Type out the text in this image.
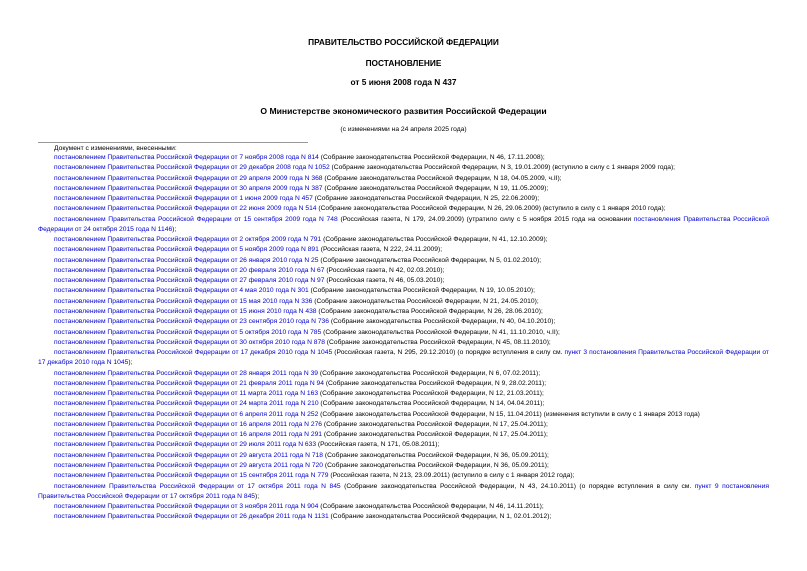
ПРАВИТЕЛЬСТВО РОССИЙСКОЙ ФЕДЕРАЦИИ

ПОСТАНОВЛЕНИЕ

от 5 июня 2008 года N 437

О Министерстве экономического развития Российской Федерации

(с изменениями на 24 апреля 2025 года)
Документ с изменениями, внесенными:
постановлением Правительства Российской Федерации от 7 ноября 2008 года N 814 (Собрание законодательства Российской Федерации, N 46, 17.11.2008);
постановлением Правительства Российской Федерации от 29 декабря 2008 года N 1052 (Собрание законодательства Российской Федерации, N 3, 19.01.2009) (вступило в силу с 1 января 2009 года);
постановлением Правительства Российской Федерации от 29 апреля 2009 года N 368 (Собрание законодательства Российской Федерации, N 18, 04.05.2009, ч.II);
постановлением Правительства Российской Федерации от 30 апреля 2009 года N 387 (Собрание законодательства Российской Федерации, N 19, 11.05.2009);
постановлением Правительства Российской Федерации от 1 июня 2009 года N 457 (Собрание законодательства Российской Федерации, N 25, 22.06.2009);
постановлением Правительства Российской Федерации от 22 июня 2009 года N 514 (Собрание законодательства Российской Федерации, N 26, 29.06.2009) (вступило в силу с 1 января 2010 года);
постановлением Правительства Российской Федерации от 15 сентября 2009 года N 748 (Российская газета, N 179, 24.09.2009) (утратило силу с 5 ноября 2015 года на основании постановления Правительства Российской Федерации от 24 октября 2015 года N 1146);
постановлением Правительства Российской Федерации от 2 октября 2009 года N 791 (Собрание законодательства Российской Федерации, N 41, 12.10.2009);
постановлением Правительства Российской Федерации от 5 ноября 2009 года N 891 (Российская газета, N 222, 24.11.2009);
постановлением Правительства Российской Федерации от 26 января 2010 года N 25 (Собрание законодательства Российской Федерации, N 5, 01.02.2010);
постановлением Правительства Российской Федерации от 20 февраля 2010 года N 67 (Российская газета, N 42, 02.03.2010);
постановлением Правительства Российской Федерации от 27 февраля 2010 года N 97 (Российская газета, N 46, 05.03.2010);
постановлением Правительства Российской Федерации от 4 мая 2010 года N 301 (Собрание законодательства Российской Федерации, N 19, 10.05.2010);
постановлением Правительства Российской Федерации от 15 мая 2010 года N 336 (Собрание законодательства Российской Федерации, N 21, 24.05.2010);
постановлением Правительства Российской Федерации от 15 июня 2010 года N 438 (Собрание законодательства Российской Федерации, N 26, 28.06.2010);
постановлением Правительства Российской Федерации от 23 сентября 2010 года N 736 (Собрание законодательства Российской Федерации, N 40, 04.10.2010);
постановлением Правительства Российской Федерации от 5 октября 2010 года N 785 (Собрание законодательства Российской Федерации, N 41, 11.10.2010, ч.II);
постановлением Правительства Российской Федерации от 30 октября 2010 года N 878 (Собрание законодательства Российской Федерации, N 45, 08.11.2010);
постановлением Правительства Российской Федерации от 17 декабря 2010 года N 1045 (Российская газета, N 295, 29.12.2010) (о порядке вступления в силу см. пункт 3 постановления Правительства Российской Федерации от 17 декабря 2010 года N 1045);
постановлением Правительства Российской Федерации от 28 января 2011 года N 39 (Собрание законодательства Российской Федерации, N 6, 07.02.2011);
постановлением Правительства Российской Федерации от 21 февраля 2011 года N 94 (Собрание законодательства Российской Федерации, N 9, 28.02.2011);
постановлением Правительства Российской Федерации от 11 марта 2011 года N 163 (Собрание законодательства Российской Федерации, N 12, 21.03.2011);
постановлением Правительства Российской Федерации от 24 марта 2011 года N 210 (Собрание законодательства Российской Федерации, N 14, 04.04.2011);
постановлением Правительства Российской Федерации от 6 апреля 2011 года N 252 (Собрание законодательства Российской Федерации, N 15, 11.04.2011) (изменения вступили в силу с 1 января 2013 года)
постановлением Правительства Российской Федерации от 16 апреля 2011 года N 276 (Собрание законодательства Российской Федерации, N 17, 25.04.2011);
постановлением Правительства Российской Федерации от 16 апреля 2011 года N 291 (Собрание законодательства Российской Федерации, N 17, 25.04.2011);
постановлением Правительства Российской Федерации от 29 июля 2011 года N 633 (Российская газета, N 171, 05.08.2011);
постановлением Правительства Российской Федерации от 29 августа 2011 года N 718 (Собрание законодательства Российской Федерации, N 36, 05.09.2011);
постановлением Правительства Российской Федерации от 29 августа 2011 года N 720 (Собрание законодательства Российской Федерации, N 36, 05.09.2011);
постановлением Правительства Российской Федерации от 15 сентября 2011 года N 779 (Российская газета, N 213, 23.09.2011) (вступило в силу с 1 января 2012 года);
постановлением Правительства Российской Федерации от 17 октября 2011 года N 845 (Собрание законодательства Российской Федерации, N 43, 24.10.2011) (о порядке вступления в силу см. пункт 9 постановления Правительства Российской Федерации от 17 октября 2011 года N 845);
постановлением Правительства Российской Федерации от 3 ноября 2011 года N 904 (Собрание законодательства Российской Федерации, N 46, 14.11.2011);
постановлением Правительства Российской Федерации от 26 декабря 2011 года N 1131 (Собрание законодательства Российской Федерации, N 1, 02.01.2012);
